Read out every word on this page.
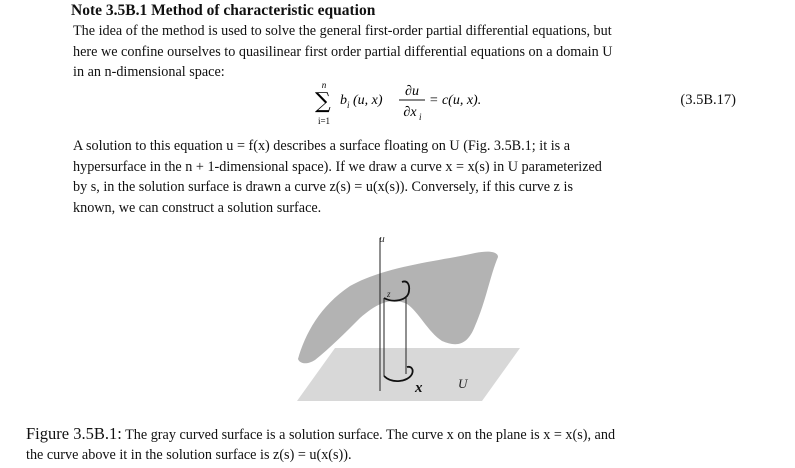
Note 3.5B.1 Method of characteristic equation
The idea of the method is used to solve the general first-order partial differential equations, but
here we confine ourselves to quasilinear first order partial differential equations on a domain U
in an n-dimensional space:
n
∑
i=1
b i (u, x)
∂u
∂x i
= c(u, x).	(3.5B.17)
A solution to this equation u = f(x) describes a surface floating on U (Fig. 3.5B.1; it is a
hypersurface in the n + 1-dimensional space). If we draw a curve x = x(s) in U parameterized
by s, in the solution surface is drawn a curve z(s) = u(x(s)). Conversely, if this curve z is
known, we can construct a solution surface.
u
z
x	U
Figure 3.5B.1: The gray curved surface is a solution surface. The curve x on the plane is x = x(s), and
the curve above it in the solution surface is z(s) = u(x(s)).
